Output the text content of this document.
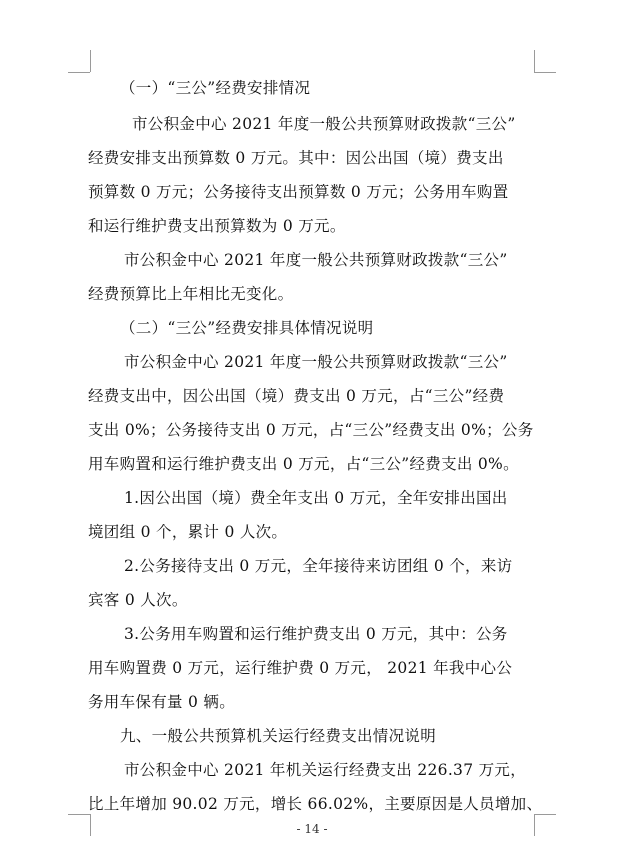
（一）“三公”经费安排情况
市公积金中心 2021 年度一般公共预算财政拨款“三公”
经费安排支出预算数 0 万元。其中：因公出国（境）费支出
预算数 0 万元；公务接待支出预算数 0 万元；公务用车购置
和运行维护费支出预算数为 0 万元。
市公积金中心 2021 年度一般公共预算财政拨款“三公”
经费预算比上年相比无变化。
（二）“三公”经费安排具体情况说明
市公积金中心 2021 年度一般公共预算财政拨款“三公”
经费支出中，因公出国（境）费支出 0 万元，占“三公”经费
支出 0%；公务接待支出 0 万元，占“三公”经费支出 0%；公务
用车购置和运行维护费支出 0 万元，占“三公”经费支出 0%。
1.因公出国（境）费全年支出 0 万元，全年安排出国出
境团组 0 个，累计 0 人次。
2.公务接待支出 0 万元，全年接待来访团组 0 个，来访
宾客 0 人次。
3.公务用车购置和运行维护费支出 0 万元，其中：公务
用车购置费 0 万元，运行维护费 0 万元， 2021 年我中心公
务用车保有量 0 辆。
九、一般公共预算机关运行经费支出情况说明
市公积金中心 2021 年机关运行经费支出 226.37 万元，
比上年增加 90.02 万元，增长 66.02%，主要原因是人员增加、
- 14 -
